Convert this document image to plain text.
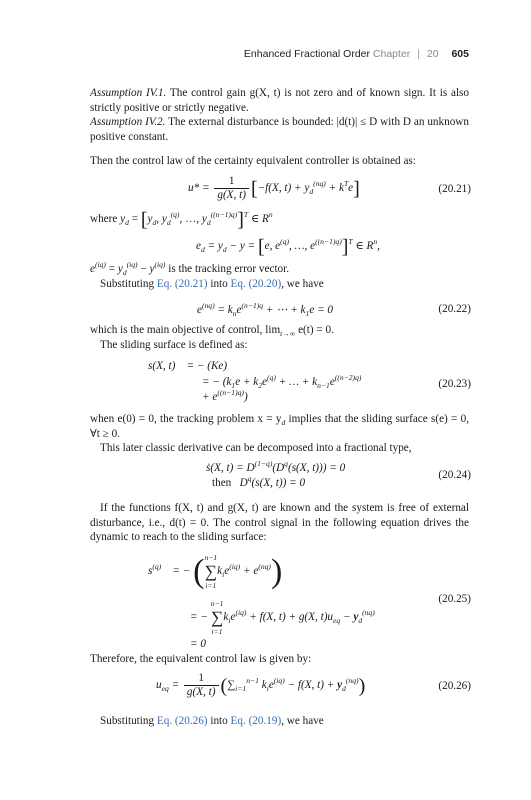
Enhanced Fractional Order Chapter | 20 605
Assumption IV.1. The control gain g(X, t) is not zero and of known sign. It is also strictly positive or strictly negative.
Assumption IV.2. The external disturbance is bounded: |d(t)| ≤ D with D an unknown positive constant.
Then the control law of the certainty equivalent controller is obtained as:
$u* = \frac{1}{g(X, t)} [-f(X$, $t) + y_d^{(nq)} + k^Te$]	(20.21)
where $y_d = [y_d$, $y_d^{(q)}$, …, $y_d^{((n-1)q)}]^T$ ∈ $R^n$
$e_d = y_d - y = [e$, $e^{(q)}$, …, $e^{((n-1)q)}]^T$ ∈ $R^n$,
$e^{(iq)} = y_d^{(iq)} - y^{(iq)}$ is the tracking error vector.
Substituting Eq. (20.21) into Eq. (20.20), we have
$e^{(nq)} = k_ne^{(n-1)q}$ + ⋯ + $k_1e = 0$	(20.22)
which is the main objective of control, $\lim_{t\to\infty} e(t) = 0$.
The sliding surface is defined as:
s(X, t)    = − (Ke)
= − ($k_1e + k_2e^{(q)}$ + … + $k_{n-1}e^{((n-2)q)}$
+ $e^{((n-1)q)}$)
(20.23)
when e(0) = 0, the tracking problem $x = y_d$ implies that the sliding surface s(e) = 0, ∀t ≥ 0.
This later classic derivative can be decomposed into a fractional type,
ṡ(X, $t) = D^{(1-q)}(D^q(s(X$, t))) = 0
then   $D^q(s(X$, t)) = 0
(20.24)
If the functions f(X, t) and g(X, t) are known and the system is free of external disturbance, i.e., d(t) = 0. The control signal in the following equation drives the dynamic to reach to the sliding surface:
$s^{(q)}$    = − ( n−1
∑
i=1
$k_ie^{(iq)} + e^{(nq)}$)
= −
n−1
∑
i=1
$k_ie^{(iq)} + f(X$, t) + g(X, $t)u_{eq} - y_d^{(nq)}$
= 0
(20.25)
Therefore, the equivalent control law is given by:
$u_{eq} = \frac{1}{g(X, t)} (\sum_{i=1}^{n-1}$ $k_ie^{(iq)} - f(X$, $t) + y_d^{(nq)}$)	(20.26)
Substituting Eq. (20.26) into Eq. (20.19), we have
